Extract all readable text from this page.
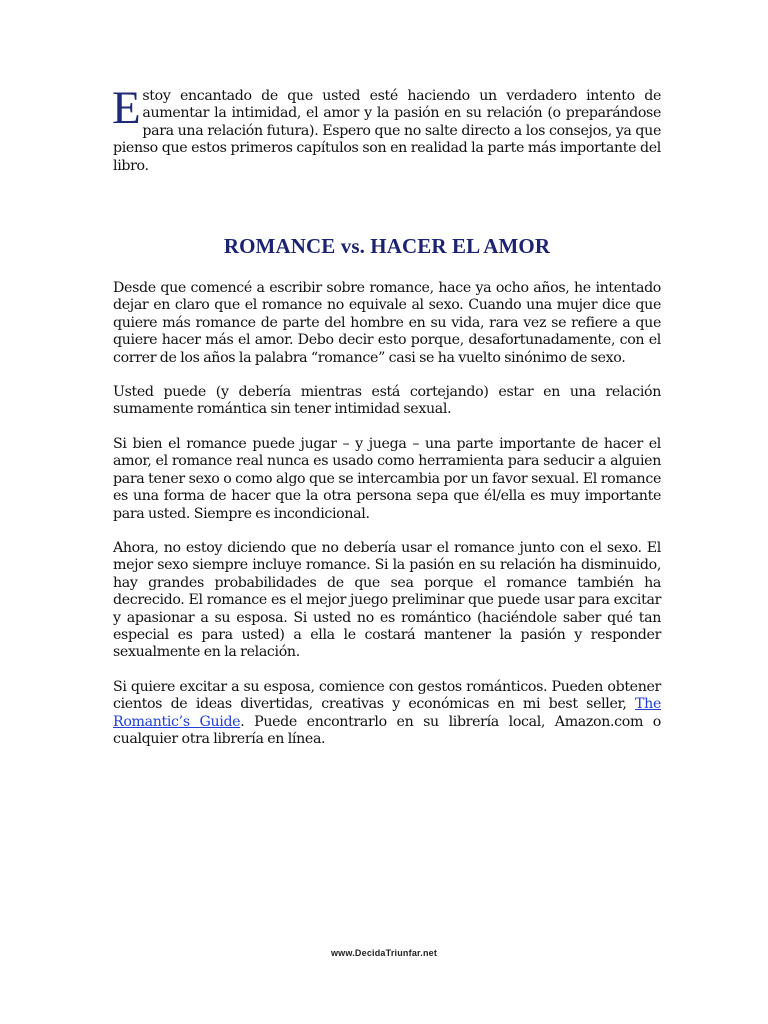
Estoy encantado de que usted esté haciendo un verdadero intento de aumentar la intimidad, el amor y la pasión en su relación (o preparándose para una relación futura). Espero que no salte directo a los consejos, ya que pienso que estos primeros capítulos son en realidad la parte más importante del libro.

ROMANCE vs. HACER EL AMOR

Desde que comencé a escribir sobre romance, hace ya ocho años, he intentado dejar en claro que el romance no equivale al sexo. Cuando una mujer dice que quiere más romance de parte del hombre en su vida, rara vez se refiere a que quiere hacer más el amor. Debo decir esto porque, desafortunadamente, con el correr de los años la palabra “romance” casi se ha vuelto sinónimo de sexo.

Usted puede (y debería mientras está cortejando) estar en una relación sumamente romántica sin tener intimidad sexual.

Si bien el romance puede jugar – y juega – una parte importante de hacer el amor, el romance real nunca es usado como herramienta para seducir a alguien para tener sexo o como algo que se intercambia por un favor sexual. El romance es una forma de hacer que la otra persona sepa que él/ella es muy importante para usted. Siempre es incondicional.

Ahora, no estoy diciendo que no debería usar el romance junto con el sexo. El mejor sexo siempre incluye romance. Si la pasión en su relación ha disminuido, hay grandes probabilidades de que sea porque el romance también ha decrecido. El romance es el mejor juego preliminar que puede usar para excitar y apasionar a su esposa. Si usted no es romántico (haciéndole saber qué tan especial es para usted) a ella le costará mantener la pasión y responder sexualmente en la relación.

Si quiere excitar a su esposa, comience con gestos románticos. Pueden obtener cientos de ideas divertidas, creativas y económicas en mi best seller, The Romantic’s Guide. Puede encontrarlo en su librería local, Amazon.com o cualquier otra librería en línea.

www.DecidaTriunfar.net
